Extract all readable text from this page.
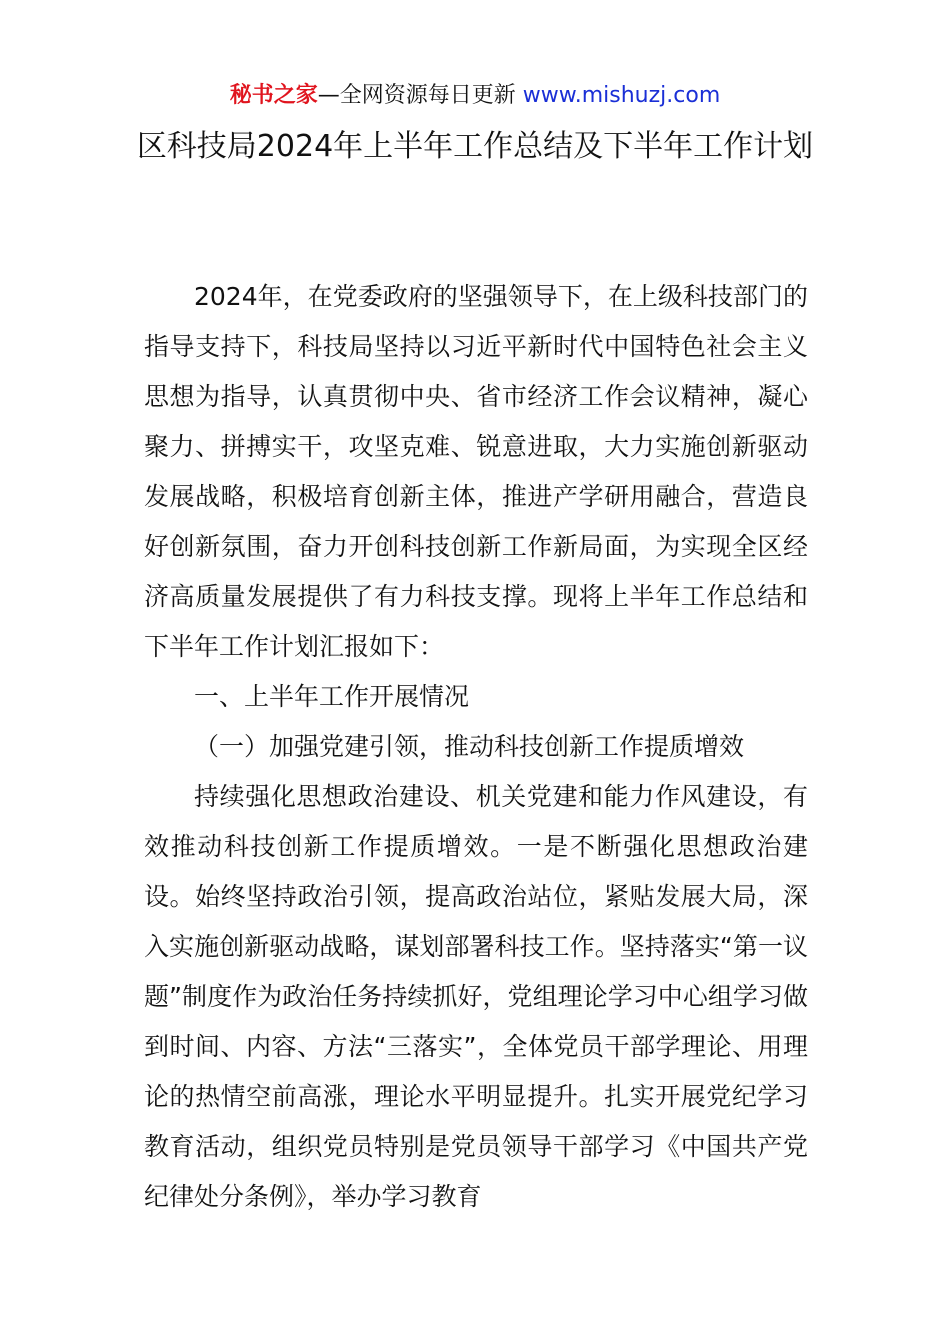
秘书之家—全网资源每日更新 www.mishuzj.com
区科技局2024年上半年工作总结及下半年工作计划

2024年，在党委政府的坚强领导下，在上级科技部门的指导支持下，科技局坚持以习近平新时代中国特色社会主义思想为指导，认真贯彻中央、省市经济工作会议精神，凝心聚力、拼搏实干，攻坚克难、锐意进取，大力实施创新驱动发展战略，积极培育创新主体，推进产学研用融合，营造良好创新氛围，奋力开创科技创新工作新局面，为实现全区经济高质量发展提供了有力科技支撑。现将上半年工作总结和下半年工作计划汇报如下：

一、上半年工作开展情况

（一）加强党建引领，推动科技创新工作提质增效

持续强化思想政治建设、机关党建和能力作风建设，有效推动科技创新工作提质增效。一是不断强化思想政治建设。始终坚持政治引领，提高政治站位，紧贴发展大局，深入实施创新驱动战略，谋划部署科技工作。坚持落实“第一议题”制度作为政治任务持续抓好，党组理论学习中心组学习做到时间、内容、方法“三落实”，全体党员干部学理论、用理论的热情空前高涨，理论水平明显提升。扎实开展党纪学习教育活动，组织党员特别是党员领导干部学习《中国共产党纪律处分条例》，举办学习教育
